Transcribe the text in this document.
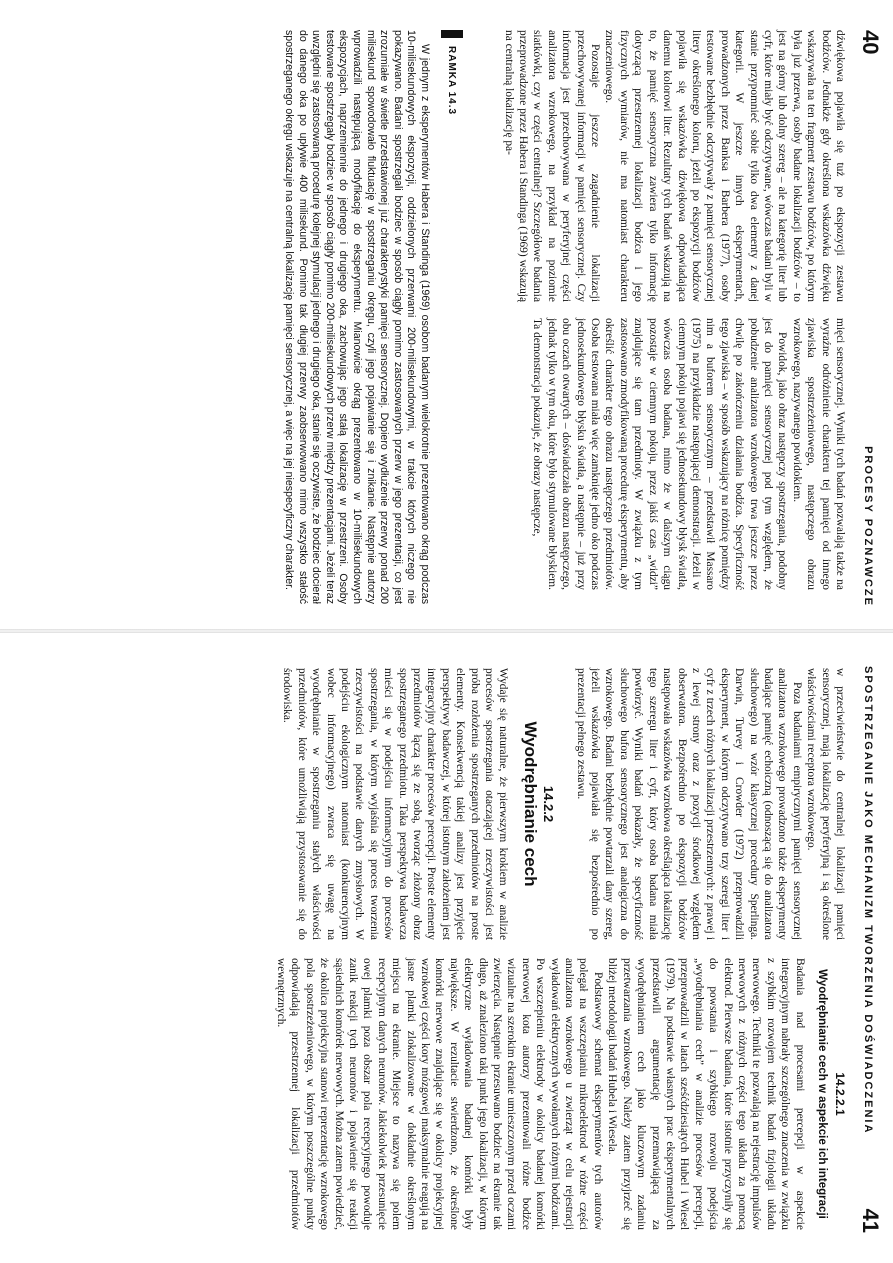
40
PROCESY POZNAWCZE

dźwiękowa pojawiła się tuż po ekspozycji zestawu bodźców. Jednakże gdy określona wskazówka dźwięku wskazywała na ten fragment zestawu bodźców, po którym była już przerwa, osoby badane lokalizacji bodźców – to jest na górny lub dolny szereg – ale na kategorię liter lub cyfr, które miały być odczytywane, wówczas badani byli w stanie przypomnieć sobie tylko dwa elementy z danej kategorii. W jeszcze innych eksperymentach, prowadzonych przez Banksa i Barbera (1977), osoby testowane bezbłędnie odczytywały z pamięci sensorycznej litery określonego koloru, jeżeli po ekspozycji bodźców pojawiła się wskazówka dźwiękowa odpowiadająca danemu kolorowi liter. Rezultaty tych badań wskazują na to, że pamięć sensoryczna zawiera tylko informację dotyczącą przestrzennej lokalizacji bodźca i jego fizycznych wymiarów, nie ma natomiast charakteru znaczeniowego.

Pozostaje jeszcze zagadnienie lokalizacji przechowywanej informacji w pamięci sensorycznej. Czy informacja jest przechowywana w peryferyjnej części analizatora wzrokowego, na przykład na poziomie siatkówki, czy w części centralnej? Szczegółowe badania przeprowadzone przez Habera i Standinga (1969) wskazują na centralną lokalizację pa-

mięci sensorycznej. Wyniki tych badań pozwalają także na wyraźne odróżnienie charakteru tej pamięci od innego zjawiska spostrzeżeniowego, następczego obrazu wzrokowego, nazywanego powidokiem.

Powidok, jako obraz następczy spostrzegania, podobny jest do pamięci sensorycznej pod tym względem, że pobudzenie analizatora wzrokowego trwa jeszcze przez chwilę po zakończeniu działania bodźca. Specyficzność tego zjawiska – w sposób wskazujący na różnicę pomiędzy nim a buforem sensorycznym – przedstawił Massaro (1975) na przykładzie następującej demonstracji. Jeżeli w ciemnym pokoju pojawi się jednosekundowy błysk światła, wówczas osoba badana, mimo że w dalszym ciągu pozostaje w ciemnym pokoju, przez jakiś czas „widzi” znajdujące się tam przedmioty. W związku z tym zastosowano zmodyfikowaną procedurę eksperymentu, aby określić charakter tego obrazu następczego przedmiotów. Osoba testowana miała więc zamknięte jedno oko podczas jednosekundowego błysku światła, a następnie – już przy obu oczach otwartych – doświadczała obrazu następczego, jednak tylko w tym oku, które było stymulowane błyskiem. Ta demonstracja pokazuje, że obrazy następcze,

RAMKA 14.3

W jednym z eksperymentów Habera i Standinga (1969) osobom badanym wielokrotnie prezentowano okrąg podczas 10-milisekundowych ekspozycji, oddzielonych przerwami 200-milisekundowymi, w trakcie których niczego nie pokazywano. Badani spostrzegali bodziec w sposób ciągły pomimo zastosowanych przerw w jego prezentacji, co jest zrozumiałe w świetle przedstawionej już charakterystyki pamięci sensorycznej. Dopiero wydłużenie przerwy ponad 200 milisekund spowodowało fluktuację w spostrzeganiu okręgu, czyli jego pojawianie się i znikanie. Następnie autorzy wprowadzili następującą modyfikację do eksperymentu. Mianowicie okrąg prezentowano w 10-milisekundowych ekspozycjach, naprzemiennie do jednego i drugiego oka, zachowując jego stałą lokalizację w przestrzeni. Osoby testowane spostrzegały bodziec w sposób ciągły pomimo 200-milisekundowych przerw między prezentacjami. Jeżeli teraz uwzględni się zastosowaną procedurę kolejnej stymulacji jednego i drugiego oka, stanie się oczywiste, że bodziec docierał do danego oka po upływie 400 milisekund. Pomimo tak długiej przerwy zaobserwowano mimo wszystko stałość spostrzeganego okręgu wskazuje na centralną lokalizację pamięci sensorycznej, a więc na jej niespecyficzny charakter.

SPOSTRZEGANIE JAKO MECHANIZM TWORZENIA DOŚWIADCZENIA
41

w przeciwieństwie do centralnej lokalizacji pamięci sensorycznej, mają lokalizację peryferyjną i są określone właściwościami receptora wzrokowego.

Poza badaniami empirycznymi pamięci sensorycznej analizatora wzrokowego prowadzono także eksperymenty badające pamięć echoiczną (odnoszącą się do analizatora słuchowego) na wzór klasycznej procedury Sperlinga. Darwin, Turvey i Crowder (1972) przeprowadzili eksperyment, w którym odczytywano trzy szeregi liter i cyfr z trzech różnych lokalizacji przestrzennych: z prawej i z lewej strony oraz z pozycji środkowej względem obserwatora. Bezpośrednio po ekspozycji bodźców następowała wskazówka wzrokowa określająca lokalizację tego szeregu liter i cyfr, który osoba badana miała powtórzyć. Wyniki badań pokazały, że specyficzność słuchowego bufora sensorycznego jest analogiczna do wzrokowego. Badani bezbłędnie powtarzali dany szereg, jeżeli wskazówka pojawiała się bezpośrednio po prezentacji pełnego zestawu.

14.2.2
Wyodrębnianie cech

Wydaje się naturalne, że pierwszym krokiem w analizie procesów spostrzegania otaczającej rzeczywistości jest próba rozłożenia spostrzeganych przedmiotów na proste elementy. Konsekwencją takiej analizy jest przyjęcie perspektywy badawczej, w której istotnym założeniem jest integracyjny charakter procesów percepcji. Proste elementy przedmiotów łączą się ze sobą, tworząc złożony obraz spostrzeganego przedmiotu. Taka perspektywa badawcza mieści się w podejściu informacyjnym do procesów spostrzegania, w którym wyjaśnia się proces tworzenia rzeczywistości na podstawie danych zmysłowych. W podejściu ekologicznym natomiast (konkurencyjnym wobec informacyjnego) zwraca się uwagę na wyodrębnianie w spostrzeganiu stałych właściwości przedmiotów, które umożliwiają przystosowanie się do środowiska.

14.2.2.1
Wyodrębnianie cech w aspekcie ich integracji

Badania nad procesami percepcji w aspekcie integracyjnym nabrały szczególnego znaczenia w związku z szybkim rozwojem technik badań fizjologii układu nerwowego. Techniki te pozwalają na rejestrację impulsów nerwowych z różnych części tego układu za pomocą elektrod. Pierwsze badania, które istotnie przyczyniły się do powstania i szybkiego rozwoju podejścia „wyodrębniania cech” w analizie procesów percepcji, przeprowadzili w latach sześćdziesiątych Hubel i Wiesel (1979). Na podstawie własnych prac eksperymentalnych przedstawili argumentację przemawiającą za wyodrębnianiem cech jako kluczowym zadaniu przetwarzania wzrokowego. Należy zatem przyjrzeć się bliżej metodologii badań Hubela i Wiesela.

Podstawowy schemat eksperymentów tych autorów polegał na wszczepianiu mikroelektrod w różne części analizatora wzrokowego u zwierząt w celu rejestracji wyładowań elektrycznych wywołanych różnymi bodźcami. Po wszczepieniu elektrody w okolicy badanej komórki nerwowej kota autorzy prezentowali różne bodźce wizualne na szerokim ekranie umieszczonym przed oczami zwierzęcia. Następnie przesuwano bodziec na ekranie tak długo, aż znaleziono taki punkt jego lokalizacji, w którym elektryczne wyładowania badanej komórki były największe. W rezultacie stwierdzono, że określone komórki nerwowe znajdujące się w okolicy projekcyjnej wzrokowej części kory mózgowej maksymalnie reagują na jasne plamki zlokalizowane w dokładnie określonym miejscu na ekranie. Miejsce to nazywa się polem recepcyjnym danych neuronów. Jakiekolwiek przesunięcie owej plamki poza obszar pola recepcyjnego powoduje zanik reakcji tych neuronów i pojawienie się reakcji sąsiednich komórek nerwowych. Można zatem powiedzieć, że okolica projekcyjna stanowi reprezentację wzrokowego pola spostrzeżeniowego, w którym poszczególne punkty odpowiadają przestrzennej lokalizacji przedmiotów wewnętrznych.
